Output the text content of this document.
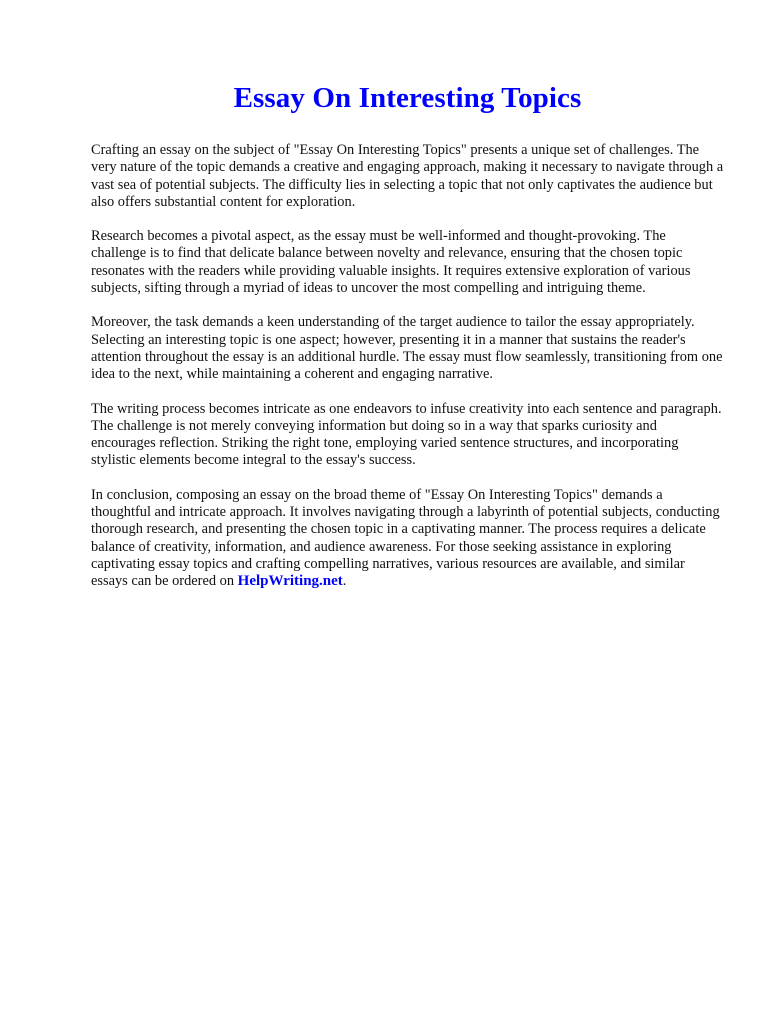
Essay On Interesting Topics

Crafting an essay on the subject of "Essay On Interesting Topics" presents a unique set of challenges. The very nature of the topic demands a creative and engaging approach, making it necessary to navigate through a vast sea of potential subjects. The difficulty lies in selecting a topic that not only captivates the audience but also offers substantial content for exploration.

Research becomes a pivotal aspect, as the essay must be well-informed and thought-provoking. The challenge is to find that delicate balance between novelty and relevance, ensuring that the chosen topic resonates with the readers while providing valuable insights. It requires extensive exploration of various subjects, sifting through a myriad of ideas to uncover the most compelling and intriguing theme.

Moreover, the task demands a keen understanding of the target audience to tailor the essay appropriately. Selecting an interesting topic is one aspect; however, presenting it in a manner that sustains the reader's attention throughout the essay is an additional hurdle. The essay must flow seamlessly, transitioning from one idea to the next, while maintaining a coherent and engaging narrative.

The writing process becomes intricate as one endeavors to infuse creativity into each sentence and paragraph. The challenge is not merely conveying information but doing so in a way that sparks curiosity and encourages reflection. Striking the right tone, employing varied sentence structures, and incorporating stylistic elements become integral to the essay's success.

In conclusion, composing an essay on the broad theme of "Essay On Interesting Topics" demands a thoughtful and intricate approach. It involves navigating through a labyrinth of potential subjects, conducting thorough research, and presenting the chosen topic in a captivating manner. The process requires a delicate balance of creativity, information, and audience awareness. For those seeking assistance in exploring captivating essay topics and crafting compelling narratives, various resources are available, and similar essays can be ordered on HelpWriting.net.
